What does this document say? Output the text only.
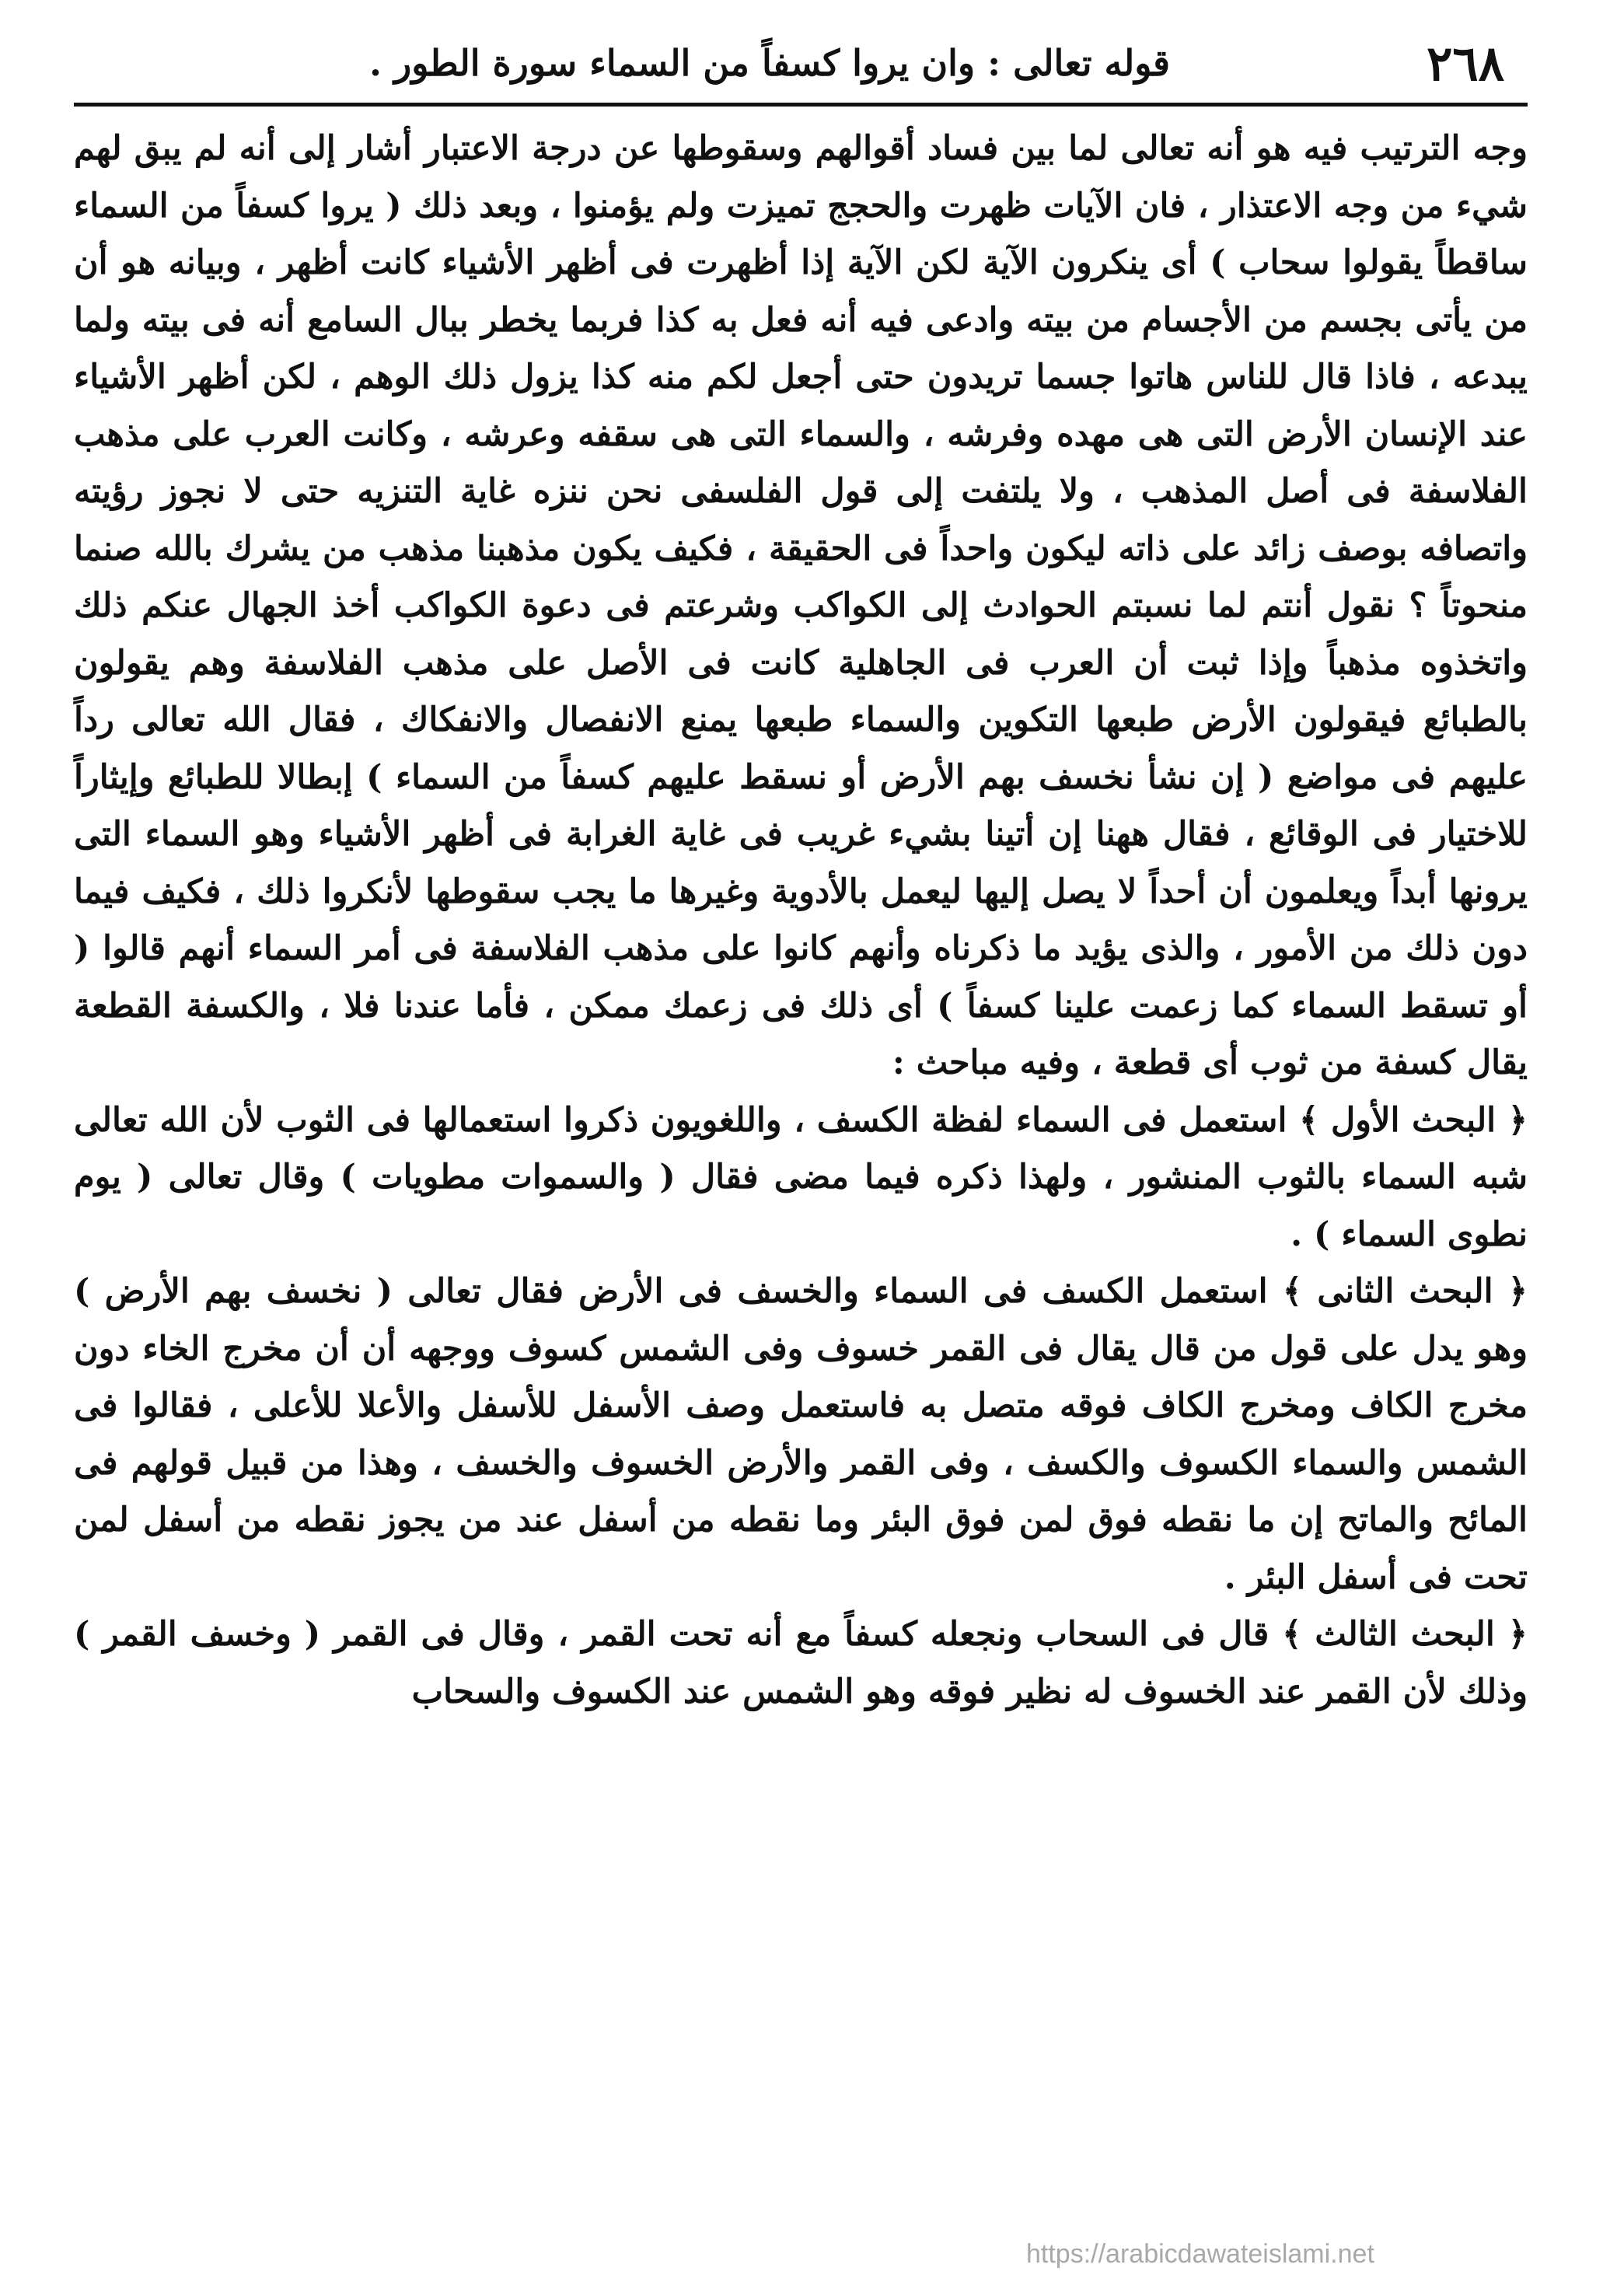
٢٦٨
قوله تعالى : وان يروا كسفاً من السماء سورة الطور .

وجه الترتيب فيه هو أنه تعالى لما بين فساد أقوالهم وسقوطها عن درجة الاعتبار أشار إلى أنه لم يبق لهم شيء من وجه الاعتذار ، فان الآيات ظهرت والحجج تميزت ولم يؤمنوا ، وبعد ذلك ( يروا كسفاً من السماء ساقطاً يقولوا سحاب ) أى ينكرون الآية لكن الآية إذا أظهرت فى أظهر الأشياء كانت أظهر ، وبيانه هو أن من يأتى بجسم من الأجسام من بيته وادعى فيه أنه فعل به كذا فربما يخطر ببال السامع أنه فى بيته ولما يبدعه ، فاذا قال للناس هاتوا جسما تريدون حتى أجعل لكم منه كذا يزول ذلك الوهم ، لكن أظهر الأشياء عند الإنسان الأرض التى هى مهده وفرشه ، والسماء التى هى سقفه وعرشه ، وكانت العرب على مذهب الفلاسفة فى أصل المذهب ، ولا يلتفت إلى قول الفلسفى نحن ننزه غاية التنزيه حتى لا نجوز رؤيته واتصافه بوصف زائد على ذاته ليكون واحداً فى الحقيقة ، فكيف يكون مذهبنا مذهب من يشرك بالله صنما منحوتاً ؟ نقول أنتم لما نسبتم الحوادث إلى الكواكب وشرعتم فى دعوة الكواكب أخذ الجهال عنكم ذلك واتخذوه مذهباً وإذا ثبت أن العرب فى الجاهلية كانت فى الأصل على مذهب الفلاسفة وهم يقولون بالطبائع فيقولون الأرض طبعها التكوين والسماء طبعها يمنع الانفصال والانفكاك ، فقال الله تعالى رداً عليهم فى مواضع ( إن نشأ نخسف بهم الأرض أو نسقط عليهم كسفاً من السماء ) إبطالا للطبائع وإيثاراً للاختيار فى الوقائع ، فقال ههنا إن أتينا بشيء غريب فى غاية الغرابة فى أظهر الأشياء وهو السماء التى يرونها أبداً ويعلمون أن أحداً لا يصل إليها ليعمل بالأدوية وغيرها ما يجب سقوطها لأنكروا ذلك ، فكيف فيما دون ذلك من الأمور ، والذى يؤيد ما ذكرناه وأنهم كانوا على مذهب الفلاسفة فى أمر السماء أنهم قالوا ( أو تسقط السماء كما زعمت علينا كسفاً ) أى ذلك فى زعمك ممكن ، فأما عندنا فلا ، والكسفة القطعة يقال كسفة من ثوب أى قطعة ، وفيه مباحث :

﴿ البحث الأول ﴾ استعمل فى السماء لفظة الكسف ، واللغويون ذكروا استعمالها فى الثوب لأن الله تعالى شبه السماء بالثوب المنشور ، ولهذا ذكره فيما مضى فقال ( والسموات مطويات ) وقال تعالى ( يوم نطوى السماء ) .

﴿ البحث الثانى ﴾ استعمل الكسف فى السماء والخسف فى الأرض فقال تعالى ( نخسف بهم الأرض ) وهو يدل على قول من قال يقال فى القمر خسوف وفى الشمس كسوف ووجهه أن أن مخرج الخاء دون مخرج الكاف ومخرج الكاف فوقه متصل به فاستعمل وصف الأسفل للأسفل والأعلا للأعلى ، فقالوا فى الشمس والسماء الكسوف والكسف ، وفى القمر والأرض الخسوف والخسف ، وهذا من قبيل قولهم فى المائح والماتح إن ما نقطه فوق لمن فوق البئر وما نقطه من أسفل عند من يجوز نقطه من أسفل لمن تحت فى أسفل البئر .

﴿ البحث الثالث ﴾ قال فى السحاب ونجعله كسفاً مع أنه تحت القمر ، وقال فى القمر ( وخسف القمر ) وذلك لأن القمر عند الخسوف له نظير فوقه وهو الشمس عند الكسوف والسحاب

https://arabicdawateislami.net
